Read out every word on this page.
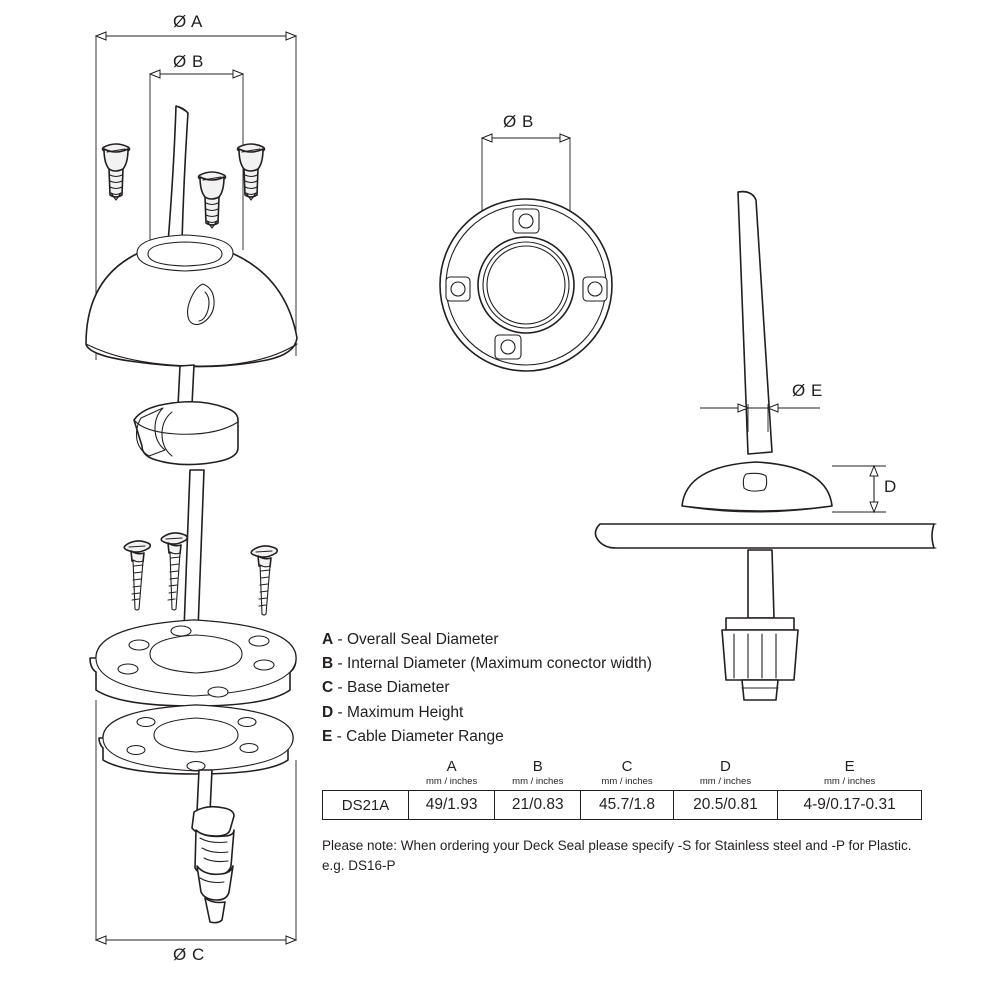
Ø A
Ø B
Ø C
Ø B
Ø E
D
A - Overall Seal Diameter
B - Internal Diameter (Maximum conector width)
C - Base Diameter
D - Maximum Height
E - Cable Diameter Range
	A	B	C	D	E
	mm / inches	mm / inches	mm / inches	mm / inches	mm / inches
DS21A	49/1.93	21/0.83	45.7/1.8	20.5/0.81	4-9/0.17-0.31
Please note: When ordering your Deck Seal please specify -S for Stainless steel and -P for Plastic. e.g. DS16-P
